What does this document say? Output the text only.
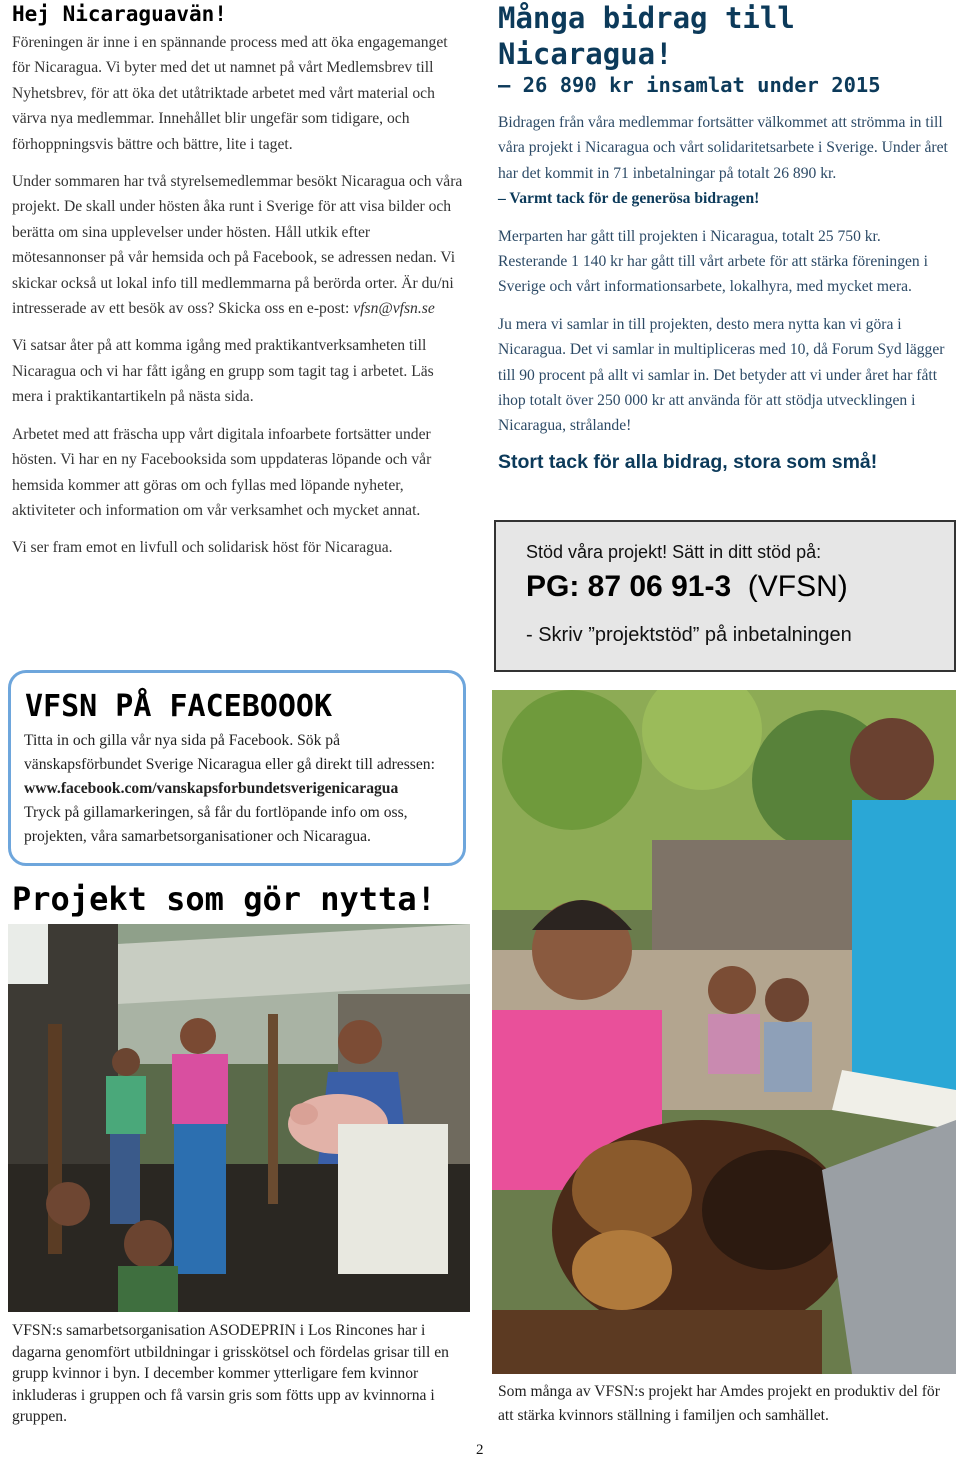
Hej Nicaraguavän!

Föreningen är inne i en spännande process med att öka engagemanget för Nicaragua. Vi byter med det ut namnet på vårt Medlemsbrev till Nyhetsbrev, för att öka det utåtriktade arbetet med vårt material och värva nya medlemmar. Innehållet blir ungefär som tidigare, och förhoppningsvis bättre och bättre, lite i taget.

Under sommaren har två styrelsemedlemmar besökt Nicaragua och våra projekt. De skall under hösten åka runt i Sverige för att visa bilder och berätta om sina upplevelser under hösten. Håll utkik efter mötesannonser på vår hemsida och på Facebook, se adressen nedan. Vi skickar också ut lokal info till medlemmarna på berörda orter. Är du/ni intresserade av ett besök av oss? Skicka oss en e-post: vfsn@vfsn.se

Vi satsar åter på att komma igång med praktikantverksamheten till Nicaragua och vi har fått igång en grupp som tagit tag i arbetet. Läs mera i praktikantartikeln på nästa sida.

Arbetet med att fräscha upp vårt digitala infoarbete fortsätter under hösten. Vi har en ny Facebooksida som uppdateras löpande och vår hemsida kommer att göras om och fyllas med löpande nyheter, aktiviteter och information om vår verksamhet och mycket annat.

Vi ser fram emot en livfull och solidarisk höst för Nicaragua.

Många bidrag till Nicaragua!
– 26 890 kr insamlat under 2015

Bidragen från våra medlemmar fortsätter välkommet att strömma in till våra projekt i Nicaragua och vårt solidaritetsarbete i Sverige. Under året har det kommit in 71 inbetalningar på totalt 26 890 kr.
– Varmt tack för de generösa bidragen!

Merparten har gått till projekten i Nicaragua, totalt 25 750 kr. Resterande 1 140 kr har gått till vårt arbete för att stärka föreningen i Sverige och vårt informationsarbete, lokalhyra, med mycket mera.

Ju mera vi samlar in till projekten, desto mera nytta kan vi göra i Nicaragua. Det vi samlar in multipliceras med 10, då Forum Syd lägger till 90 procent på allt vi samlar in. Det betyder att vi under året har fått ihop totalt över 250 000 kr att använda för att stödja utvecklingen i Nicaragua, strålande!

Stort tack för alla bidrag, stora som små!
Stöd våra projekt! Sätt in ditt stöd på:
PG: 87 06 91-3 (VFSN)
- Skriv ”projektstöd” på inbetalningen
VFSN PÅ FACEBOOOK
Titta in och gilla vår nya sida på Facebook. Sök på vänskapsförbundet Sverige Nicaragua eller gå direkt till adressen:
www.facebook.com/vanskapsforbundetsverigenicaragua
Tryck på gillamarkeringen, så får du fortlöpande info om oss, projekten, våra samarbetsorganisationer och Nicaragua.
Projekt som gör nytta!
VFSN:s samarbetsorganisation ASODEPRIN i Los Rincones har i dagarna genomfört utbildningar i grisskötsel och fördelas grisar till en grupp kvinnor i byn. I december kommer ytterligare fem kvinnor inkluderas i gruppen och få varsin gris som fötts upp av kvinnorna i gruppen.
Som många av VFSN:s projekt har Amdes projekt en produktiv del för att stärka kvinnors ställning i familjen och samhället.
2
